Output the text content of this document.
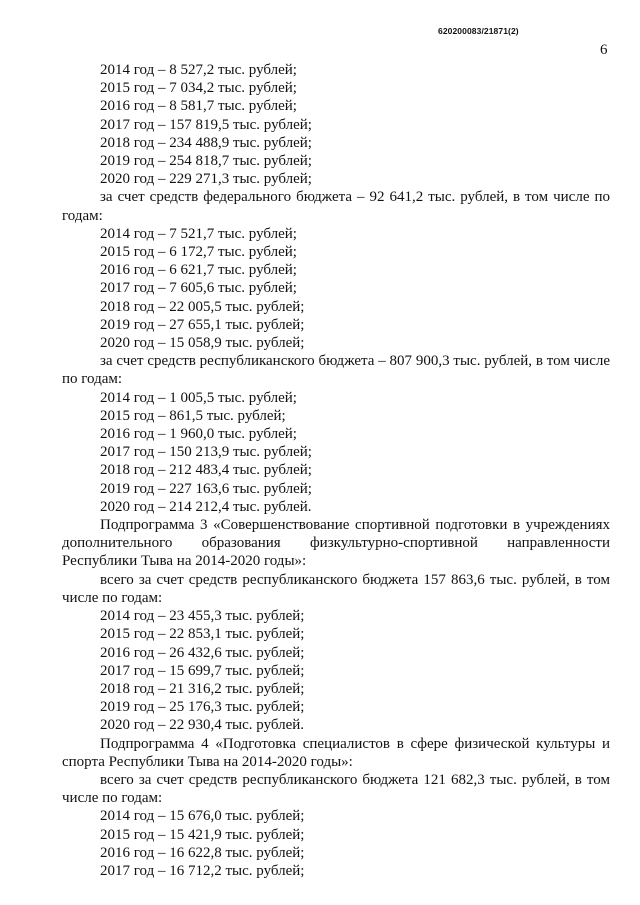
620200083/21871(2)
6

2014 год – 8 527,2 тыс. рублей;

2015 год – 7 034,2 тыс. рублей;

2016 год – 8 581,7 тыс. рублей;

2017 год – 157 819,5 тыс. рублей;

2018 год – 234 488,9 тыс. рублей;

2019 год – 254 818,7 тыс. рублей;

2020 год – 229 271,3 тыс. рублей;

за счет средств федерального бюджета – 92 641,2 тыс. рублей, в том числе по годам:

2014 год – 7 521,7 тыс. рублей;

2015 год – 6 172,7 тыс. рублей;

2016 год – 6 621,7 тыс. рублей;

2017 год – 7 605,6 тыс. рублей;

2018 год – 22 005,5 тыс. рублей;

2019 год – 27 655,1 тыс. рублей;

2020 год – 15 058,9 тыс. рублей;

за счет средств республиканского бюджета – 807 900,3 тыс. рублей, в том числе по годам:

2014 год – 1 005,5 тыс. рублей;

2015 год – 861,5 тыс. рублей;

2016 год – 1 960,0 тыс. рублей;

2017 год – 150 213,9 тыс. рублей;

2018 год – 212 483,4 тыс. рублей;

2019 год – 227 163,6 тыс. рублей;

2020 год – 214 212,4 тыс. рублей.

Подпрограмма 3 «Совершенствование спортивной подготовки в учреждениях дополнительного образования физкультурно-спортивной направленности Республики Тыва на 2014-2020 годы»:

всего за счет средств республиканского бюджета 157 863,6 тыс. рублей, в том числе по годам:

2014 год – 23 455,3 тыс. рублей;

2015 год – 22 853,1 тыс. рублей;

2016 год – 26 432,6 тыс. рублей;

2017 год – 15 699,7 тыс. рублей;

2018 год – 21 316,2 тыс. рублей;

2019 год – 25 176,3 тыс. рублей;

2020 год – 22 930,4 тыс. рублей.

Подпрограмма 4 «Подготовка специалистов в сфере физической культуры и спорта Республики Тыва на 2014-2020 годы»:

всего за счет средств республиканского бюджета 121 682,3 тыс. рублей, в том числе по годам:

2014 год – 15 676,0 тыс. рублей;

2015 год – 15 421,9 тыс. рублей;

2016 год – 16 622,8 тыс. рублей;

2017 год – 16 712,2 тыс. рублей;
